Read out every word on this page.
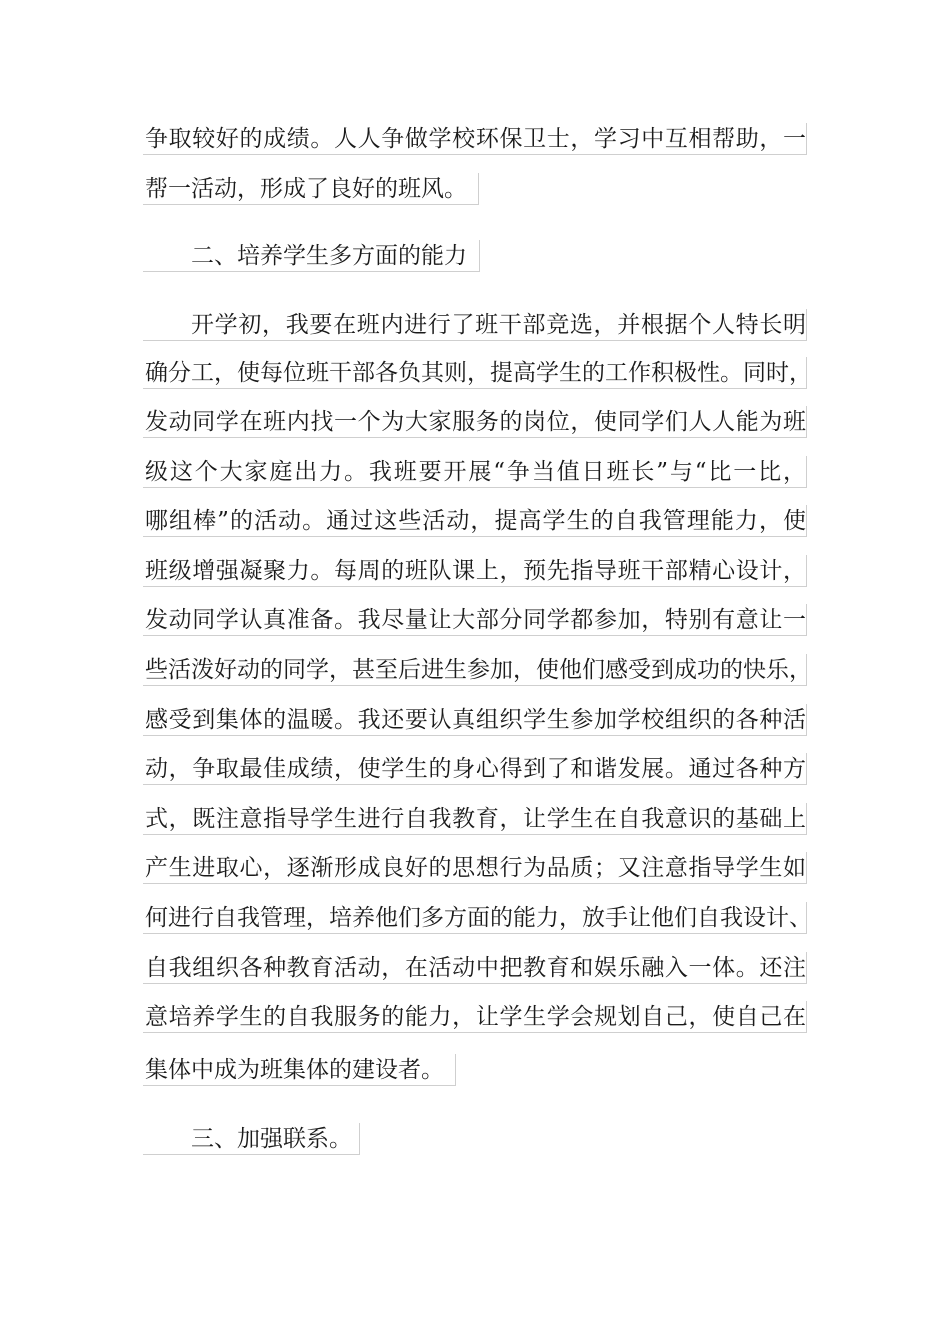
争取较好的成绩。人人争做学校环保卫士，学习中互相帮助，一
帮一活动，形成了良好的班风。
二、培养学生多方面的能力
开学初，我要在班内进行了班干部竞选，并根据个人特长明
确分工，使每位班干部各负其则，提高学生的工作积极性。同时，
发动同学在班内找一个为大家服务的岗位，使同学们人人能为班
级这个大家庭出力。我班要开展“争当值日班长”与“比一比，
哪组棒”的活动。通过这些活动，提高学生的自我管理能力，使
班级增强凝聚力。每周的班队课上，预先指导班干部精心设计，
发动同学认真准备。我尽量让大部分同学都参加，特别有意让一
些活泼好动的同学，甚至后进生参加，使他们感受到成功的快乐，
感受到集体的温暖。我还要认真组织学生参加学校组织的各种活
动，争取最佳成绩，使学生的身心得到了和谐发展。通过各种方
式，既注意指导学生进行自我教育，让学生在自我意识的基础上
产生进取心，逐渐形成良好的思想行为品质；又注意指导学生如
何进行自我管理，培养他们多方面的能力，放手让他们自我设计、
自我组织各种教育活动，在活动中把教育和娱乐融入一体。还注
意培养学生的自我服务的能力，让学生学会规划自己，使自己在
集体中成为班集体的建设者。
三、加强联系。
